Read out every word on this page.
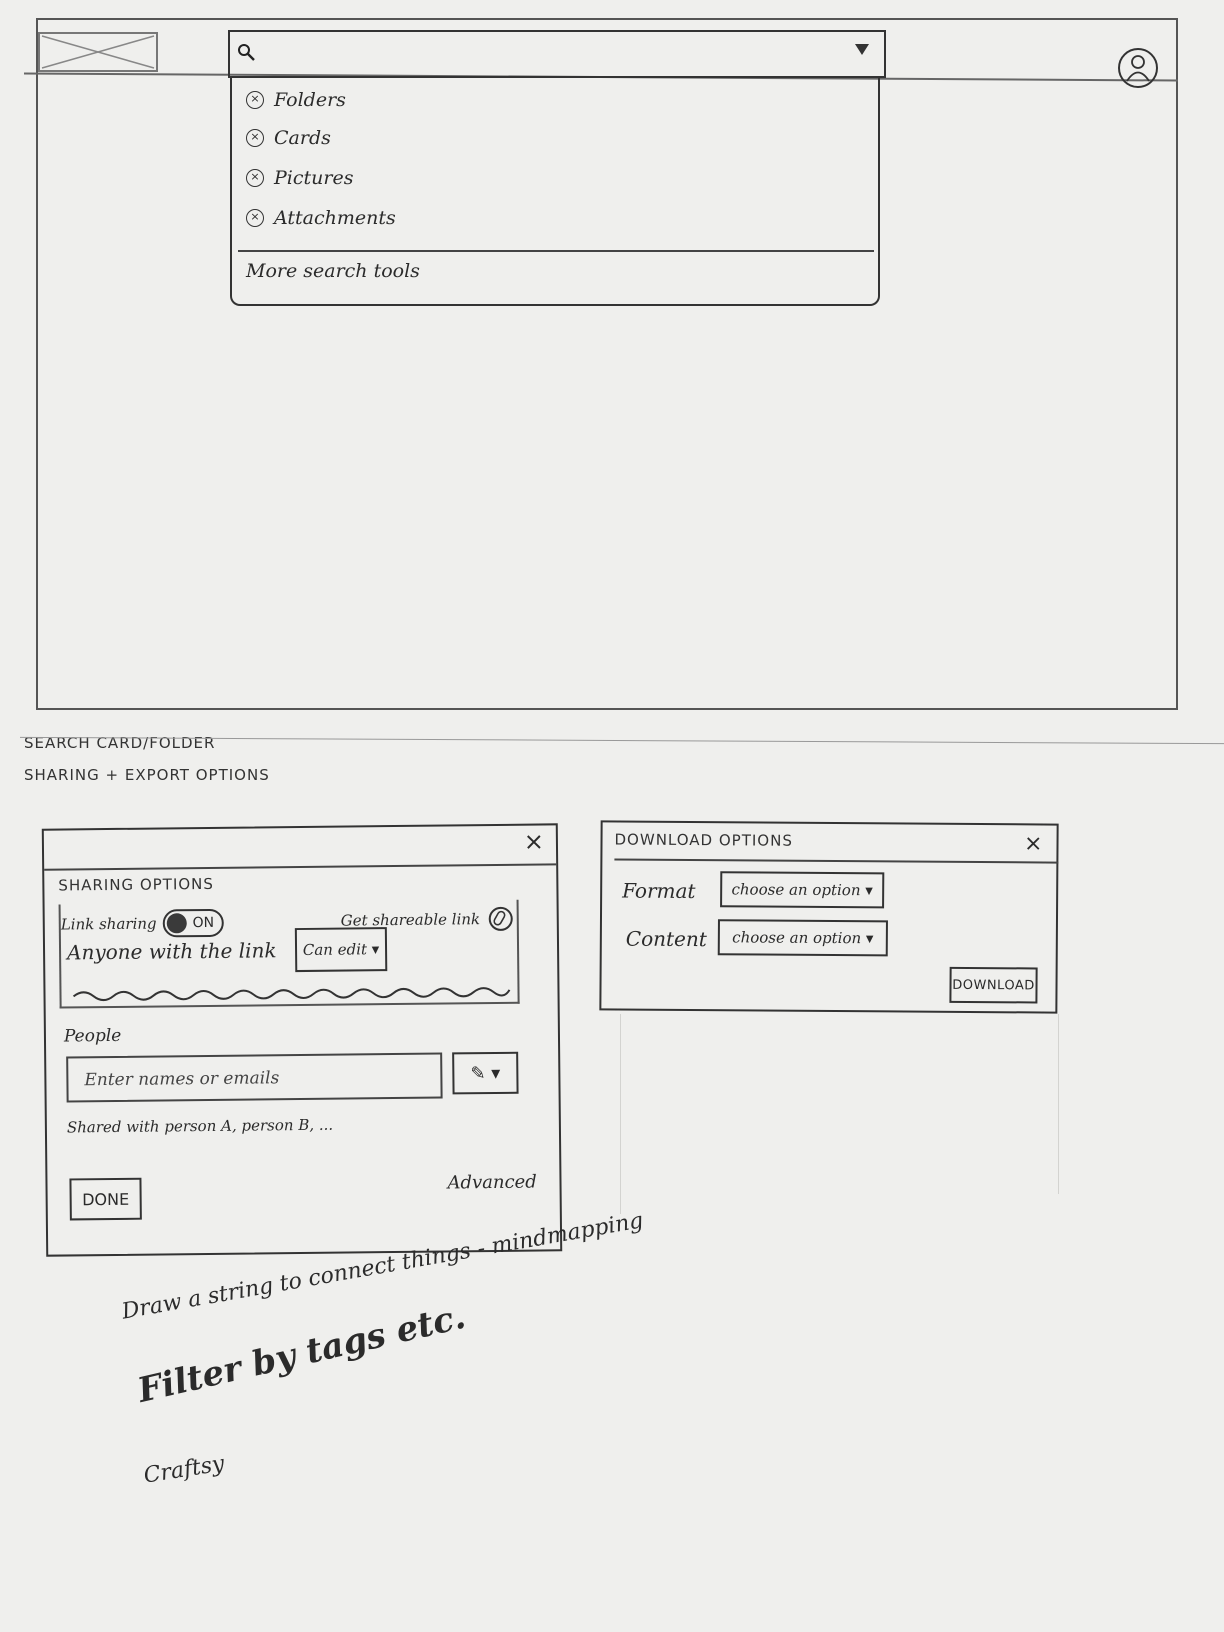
× Folders
× Cards
× Pictures
× Attachments
More search tools
SEARCH CARD/FOLDER
SHARING + EXPORT OPTIONS
×
SHARING OPTIONS
Link sharing	ON	Get shareable link
Anyone with the link	Can edit ▾
People
Enter names or emails	✎ ▾
Shared with person A, person B, ...
DONE
Advanced
DOWNLOAD OPTIONS	×
Format	choose an option ▾
Content	choose an option ▾
DOWNLOAD
Draw a string to connect things - mindmapping
Filter by tags etc.
Craftsy
